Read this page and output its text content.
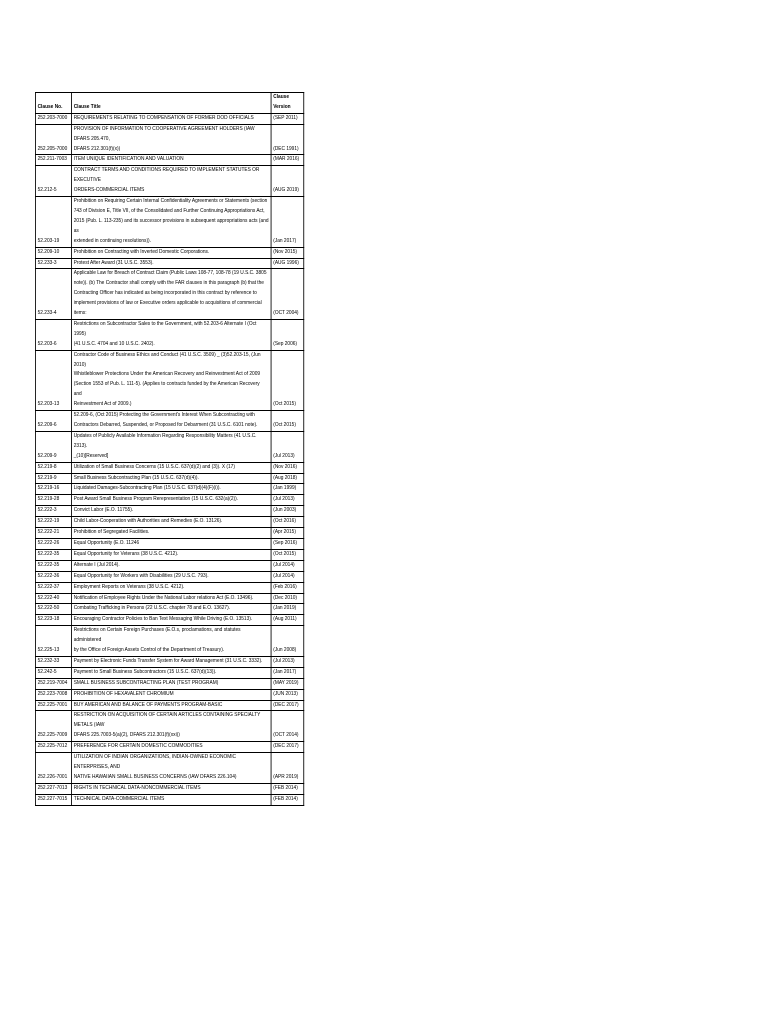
Clause No.	Clause Title	Clause Version
252.203-7000	REQUIREMENTS RELATING TO COMPENSATION OF FORMER DOD OFFICIALS	(SEP 2011)
252.205-7000	PROVISION OF INFORMATION TO COOPERATIVE AGREEMENT HOLDERS (IAW DFARS 205.470,
DFARS 212.301(f)(x))	(DEC 1991)
252.211-7003	ITEM UNIQUE IDENTIFICATION AND VALUATION	(MAR 2016)
52.212-5	CONTRACT TERMS AND CONDITIONS REQUIRED TO IMPLEMENT STATUTES OR EXECUTIVE
ORDERS-COMMERCIAL ITEMS	(AUG 2019)
52.203-19	Prohibition on Requiring Certain Internal Confidentiality Agreements or Statements (section
743 of Division E, Title VII, of the Consolidated and Further Continuing Appropriations Act,
2015 (Pub. L. 113-235) and its successor provisions in subsequent appropriations acts (and as
extended in continuing resolutions)).	(Jan 2017)
52.209-10	Prohibition on Contracting with Inverted Domestic Corporations.	(Nov 2015)
52.233-3	Protest After Award (31 U.S.C. 3553).	(AUG 1996)
52.233-4	Applicable Law for Breach of Contract Claim (Public Laws 108-77, 108-78 (19 U.S.C. 3805
note)). (b) The Contractor shall comply with the FAR clauses in this paragraph (b) that the
Contracting Officer has indicated as being incorporated in this contract by reference to
implement provisions of law or Executive orders applicable to acquisitions of commercial
items:	(OCT 2004)
52.203-6	Restrictions on Subcontractor Sales to the Government, with 52.203-6 Alternate I (Oct 1995)
(41 U.S.C. 4704 and 10 U.S.C. 2402).	(Sep 2006)
52.203-13	Contractor Code of Business Ethics and Conduct (41 U.S.C. 3509) _ (3)52.203-15, (Jun 2010)
Whistleblower Protections Under the American Recovery and Reinvestment Act of 2009
(Section 1553 of Pub. L. 111-5). (Applies to contracts funded by the American Recovery and
Reinvestment Act of 2009.)	(Oct 2015)
52.209-6	52.209-6, (Oct 2015) Protecting the Government's Interest When Subcontracting with
Contractors Debarred, Suspended, or Proposed for Debarment (31 U.S.C. 6101 note).	(Oct 2015)
52.209-9	Updates of Publicly Available Information Regarding Responsibility Matters (41 U.S.C. 2313).
_(10)[Reserved]	(Jul 2013)
52.219-8	Utilization of Small Business Concerns (15 U.S.C. 637(d)(2) and (3)). X (17)	(Nov 2016)
52.219-9	Small Business Subcontracting Plan (15 U.S.C. 637(d)(4)).	(Aug 2018)
52.219-16	Liquidated Damages-Subcontracting Plan (15 U.S.C. 637(d)(4)(F)(i)).	(Jan 1999)
52.219-28	Post Award Small Business Program Rerepresentation (15 U.S.C. 632(a)(2)).	(Jul 2013)
52.222-3	Convict Labor (E.O. 11755).	(Jun 2003)
52.222-19	Child Labor-Cooperation with Authorities and Remedies (E.O. 13126).	(Oct 2016)
52.222-21	Prohibition of Segregated Facilities.	(Apr 2015)
52.222-26	Equal Opportunity (E.O. 11246	(Sep 2016)
52.222-35	Equal Opportunity for Veterans (38 U.S.C. 4212).	(Oct 2015)
52.222-35	Alternate I (Jul 2014).	(Jul 2014)
52.222-36	Equal Opportunity for Workers with Disabilities (29 U.S.C. 793).	(Jul 2014)
52.222-37	Employment Reports on Veterans (38 U.S.C. 4212).	(Feb 2016)
52.222-40	Notification of Employee Rights Under the National Labor relations Act (E.O. 13496).	(Dec 2010)
52.222-50	Combating Trafficking in Persons (22 U.S.C. chapter 78 and E.O. 13627).	(Jan 2019)
52.223-18	Encouraging Contractor Policies to Ban Text Messaging While Driving (E.O. 13513).	(Aug 2011)
52.225-13	Restrictions on Certain Foreign Purchases (E.O.s, proclamations, and statutes administered
by the Office of Foreign Assets Control of the Department of Treasury).	(Jun 2008)
52.232-33	Payment by Electronic Funds Transfer System for Award Management (31 U.S.C. 3332).	(Jul 2013)
52.242-5	Payment to Small Business Subcontractors (15 U.S.C. 637(d)(13)).	(Jan 2017)
252.219-7004	SMALL BUSINESS SUBCONTRACTING PLAN (TEST PROGRAM)	(MAY 2019)
252.223-7008	PROHIBITION OF HEXAVALENT CHROMIUM	(JUN 2013)
252.225-7001	BUY AMERICAN AND BALANCE OF PAYMENTS PROGRAM-BASIC	(DEC 2017)
252.225-7009	RESTRICTION ON ACQUISITION OF CERTAIN ARTICLES CONTAINING SPECIALTY METALS (IAW
DFARS 225.7003-5(a)(2), DFARS 212.301(f)(xxi))	(OCT 2014)
252.225-7012	PREFERENCE FOR CERTAIN DOMESTIC COMMODITIES	(DEC 2017)
252.226-7001	UTILIZATION OF INDIAN ORGANIZATIONS, INDIAN-OWNED ECONOMIC ENTERPRISES, AND
NATIVE HAWAIIAN SMALL BUSINESS CONCERNS (IAW DFARS 226.104)	(APR 2019)
252.227-7013	RIGHTS IN TECHNICAL DATA-NONCOMMERCIAL ITEMS	(FEB 2014)
252.227-7015	TECHNICAL DATA-COMMERCIAL ITEMS	(FEB 2014)
